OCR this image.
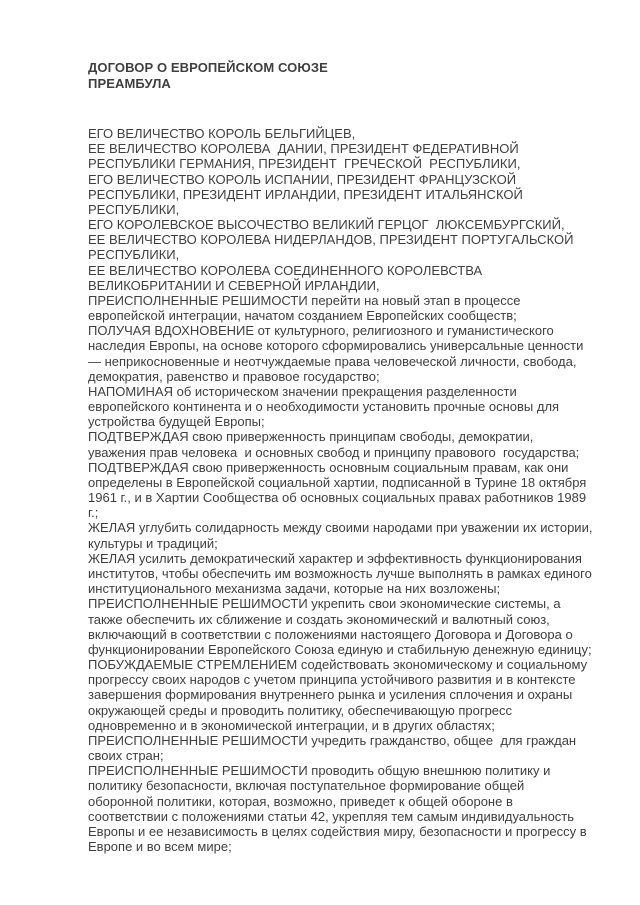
ДОГОВОР О ЕВРОПЕЙСКОМ СОЮЗЕ
ПРЕАМБУЛА
ЕГО ВЕЛИЧЕСТВО КОРОЛЬ БЕЛЬГИЙЦЕВ,
ЕЕ ВЕЛИЧЕСТВО КОРОЛЕВА  ДАНИИ, ПРЕЗИДЕНТ ФЕДЕРАТИВНОЙ
РЕСПУБЛИКИ ГЕРМАНИЯ, ПРЕЗИДЕНТ  ГРЕЧЕСКОЙ  РЕСПУБЛИКИ,
ЕГО ВЕЛИЧЕСТВО КОРОЛЬ ИСПАНИИ, ПРЕЗИДЕНТ ФРАНЦУЗСКОЙ
РЕСПУБЛИКИ, ПРЕЗИДЕНТ ИРЛАНДИИ, ПРЕЗИДЕНТ ИТАЛЬЯНСКОЙ
РЕСПУБЛИКИ,
ЕГО КОРОЛЕВСКОЕ ВЫСОЧЕСТВО ВЕЛИКИЙ ГЕРЦОГ  ЛЮКСЕМБУРГСКИЙ,
ЕЕ ВЕЛИЧЕСТВО КОРОЛЕВА НИДЕРЛАНДОВ, ПРЕЗИДЕНТ ПОРТУГАЛЬСКОЙ
РЕСПУБЛИКИ,
ЕЕ ВЕЛИЧЕСТВО КОРОЛЕВА СОЕДИНЕННОГО КОРОЛЕВСТВА
ВЕЛИКОБРИТАНИИ И СЕВЕРНОЙ ИРЛАНДИИ,
ПРЕИСПОЛНЕННЫЕ РЕШИМОСТИ перейти на новый этап в процессе
европейской интеграции, начатом созданием Европейских сообществ;
ПОЛУЧАЯ ВДОХНОВЕНИЕ от культурного, религиозного и гуманистического
наследия Европы, на основе которого сформировались универсальные ценности
— неприкосновенные и неотчуждаемые права человеческой личности, свобода,
демократия, равенство и правовое государство;
НАПОМИНАЯ об историческом значении прекращения разделенности
европейского континента и о необходимости установить прочные основы для
устройства будущей Европы;
ПОДТВЕРЖДАЯ свою приверженность принципам свободы, демократии,
уважения прав человека  и основных свобод и принципу правового  государства;
ПОДТВЕРЖДАЯ свою приверженность основным социальным правам, как они
определены в Европейской социальной хартии, подписанной в Турине 18 октября
1961 г., и в Хартии Сообщества об основных социальных правах работников 1989
г.;
ЖЕЛАЯ углубить солидарность между своими народами при уважении их истории,
культуры и традиций;
ЖЕЛАЯ усилить демократический характер и эффективность функционирования
институтов, чтобы обеспечить им возможность лучше выполнять в рамках единого
институционального механизма задачи, которые на них возложены;
ПРЕИСПОЛНЕННЫЕ РЕШИМОСТИ укрепить свои экономические системы, а
также обеспечить их сближение и создать экономический и валютный союз,
включающий в соответствии с положениями настоящего Договора и Договора о
функционировании Европейского Союза единую и стабильную денежную единицу;
ПОБУЖДАЕМЫЕ СТРЕМЛЕНИЕМ содействовать экономическому и социальному
прогрессу своих народов с учетом принципа устойчивого развития и в контексте
завершения формирования внутреннего рынка и усиления сплочения и охраны
окружающей среды и проводить политику, обеспечивающую прогресс
одновременно и в экономической интеграции, и в других областях;
ПРЕИСПОЛНЕННЫЕ РЕШИМОСТИ учредить гражданство, общее  для граждан
своих стран;
ПРЕИСПОЛНЕННЫЕ РЕШИМОСТИ проводить общую внешнюю политику и
политику безопасности, включая поступательное формирование общей
оборонной политики, которая, возможно, приведет к общей обороне в
соответствии с положениями статьи 42, укрепляя тем самым индивидуальность
Европы и ее независимость в целях содействия миру, безопасности и прогрессу в
Европе и во всем мире;
